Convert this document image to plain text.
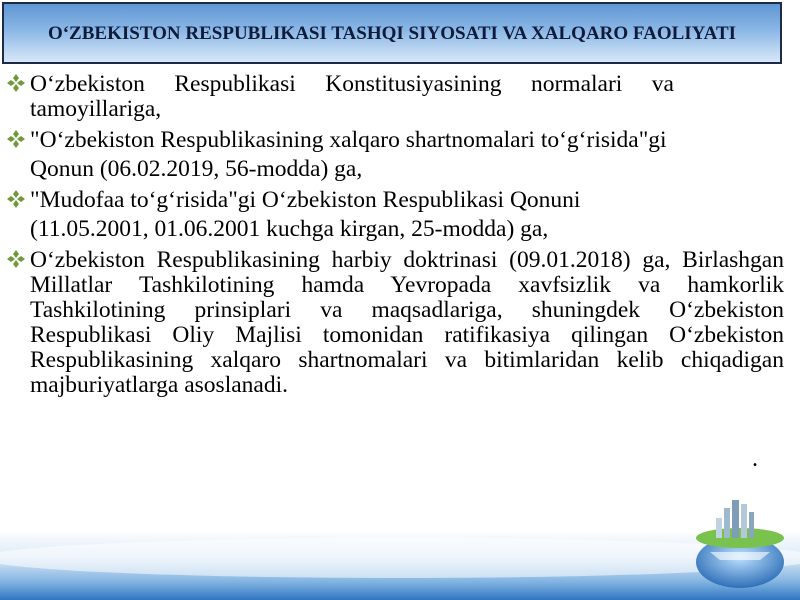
O‘ZBEKISTON RESPUBLIKASI TASHQI SIYOSATI VA XALQARO FAOLIYATI
O‘zbekiston Respublikasi Konstitusiyasining normalari va tamoyillariga,
"O‘zbekiston Respublikasining xalqaro shartnomalari to‘g‘risida"gi
Qonun (06.02.2019, 56-modda) ga,
"Mudofaa to‘g‘risida"gi O‘zbekiston Respublikasi Qonuni
(11.05.2001, 01.06.2001 kuchga kirgan, 25-modda) ga,
O‘zbekiston Respublikasining harbiy doktrinasi (09.01.2018) ga, Birlashgan Millatlar Tashkilotining hamda Yevropada xavfsizlik va hamkorlik Tashkilotining prinsiplari va maqsadlariga, shuningdek O‘zbekiston Respublikasi Oliy Majlisi tomonidan ratifikasiya qilingan O‘zbekiston Respublikasining xalqaro shartnomalari va bitimlaridan kelib chiqadigan majburiyatlarga asoslanadi.
.
